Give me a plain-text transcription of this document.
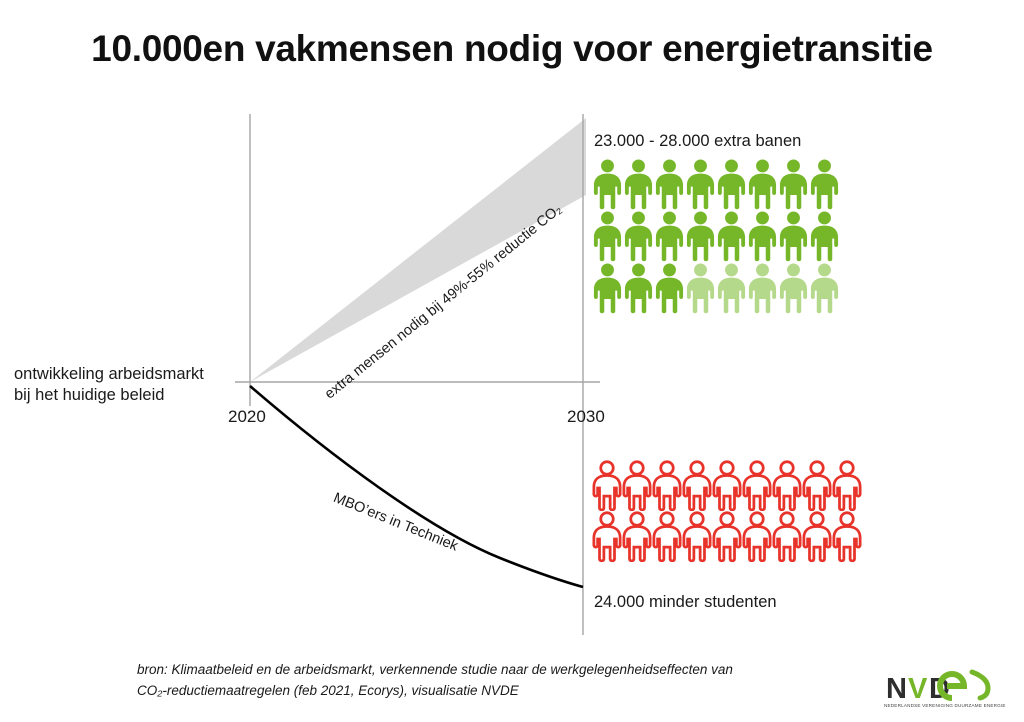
10.000en vakmensen nodig voor energietransitie
2020	2030
ontwikkeling arbeidsmarkt
bij het huidige beleid	extra mensen nodig bij 49%-55% reductie CO₂
MBO’ers in Techniek
23.000 - 28.000 extra banen
24.000 minder studenten
bron: Klimaatbeleid en de arbeidsmarkt, verkennende studie naar de werkgelegenheidseffecten van
CO₂-reductiemaatregelen (feb 2021, Ecorys), visualisatie NVDE	N V D
NEDERLANDSE VERENIGING DUURZAME ENERGIE
